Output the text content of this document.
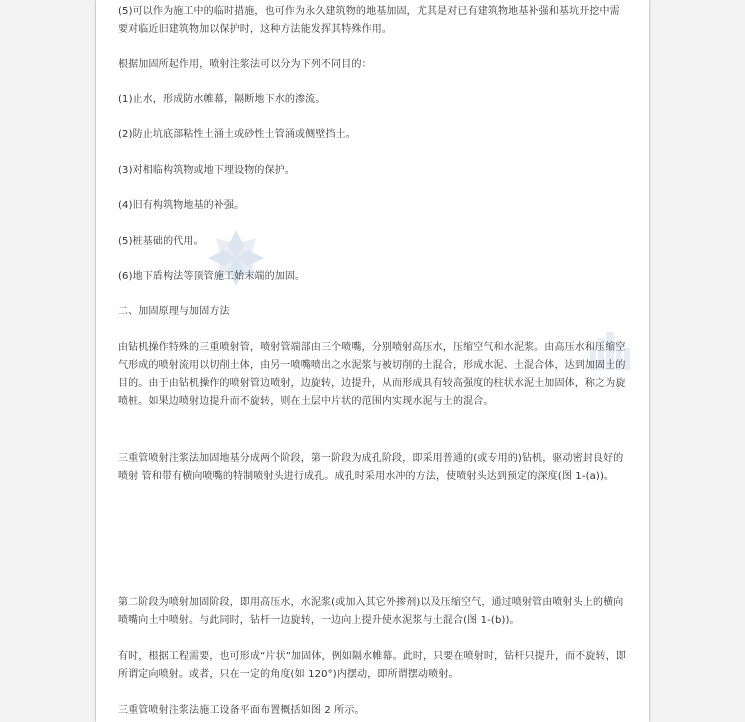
(5)可以作为施工中的临时措施，也可作为永久建筑物的地基加固，尤其是对已有建筑物地基补强和基坑开挖中需要对临近旧建筑物加以保护时，这种方法能发挥其特殊作用。

根据加固所起作用，喷射注浆法可以分为下列不同目的：

(1)止水，形成防水帷幕，隔断地下水的渗流。

(2)防止坑底部粘性土涌土或砂性土管涌或侧壁挡土。

(3)对相临构筑物或地下埋设物的保护。

(4)旧有构筑物地基的补强。

(5)桩基础的代用。

(6)地下盾构法等顶管施工始末端的加固。

二、加固原理与加固方法

由钻机操作特殊的三重喷射管，喷射管端部由三个喷嘴，分别喷射高压水，压缩空气和水泥浆。由高压水和压缩空气形成的喷射流用以切削土体，由另一喷嘴喷出之水泥浆与被切削的土混合，形成水泥、土混合体，达到加固土的目的。由于由钻机操作的喷射管边喷射，边旋转，边提升，从而形成具有较高强度的柱状水泥土加固体，称之为旋喷桩。如果边喷射边提升而不旋转，则在土层中片状的范围内实现水泥与土的混合。

三重管喷射注浆法加固地基分成两个阶段，第一阶段为成孔阶段，即采用普通的(或专用的)钻机，驱动密封良好的喷射 管和带有横向喷嘴的特制喷射头进行成孔。成孔时采用水冲的方法，使喷射头达到预定的深度(图 1-(a))。

第二阶段为喷射加固阶段，即用高压水，水泥浆(或加入其它外掺剂)以及压缩空气，通过喷射管由喷射头上的横向喷嘴向土中喷射。与此同时，钻杆一边旋转，一边向上提升使水泥浆与土混合(图 1-(b))。

有时，根据工程需要，也可形成“片状”加固体，例如隔水帷幕。此时，只要在喷射时，钻杆只提升，而不旋转，即所谓定向喷射。或者，只在一定的角度(如 120°)内摆动，即所谓摆动喷射。

三重管喷射注浆法施工设备平面布置概括如图 2 所示。
